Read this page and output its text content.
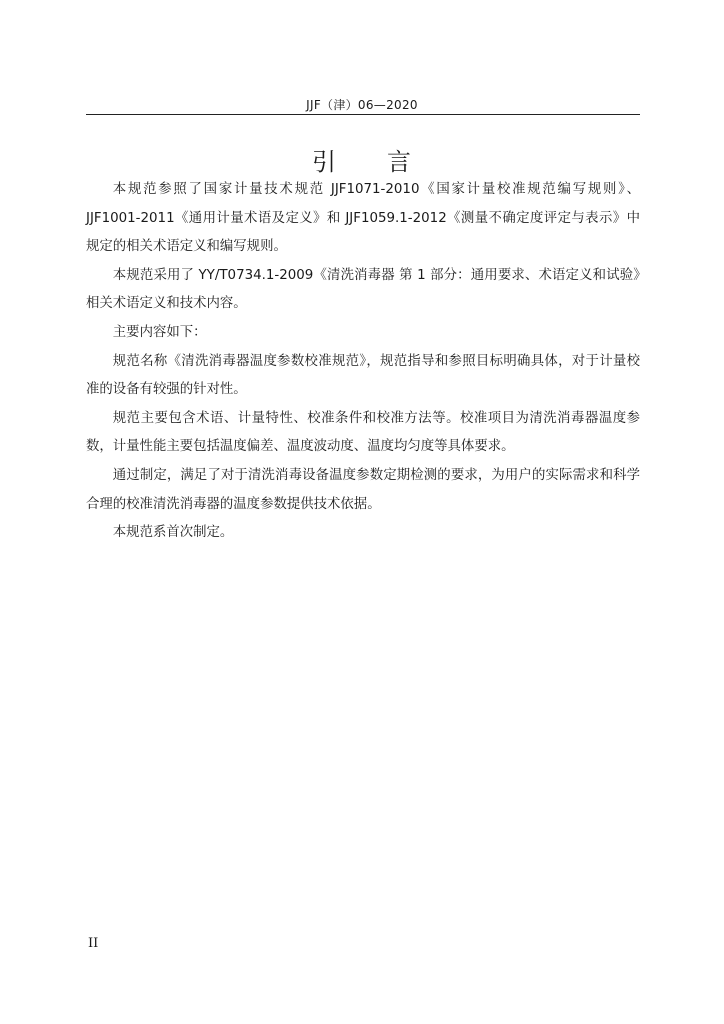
JJF（津）06—2020
引　　言

本规范参照了国家计量技术规范 JJF1071-2010《国家计量校准规范编写规则》、JJF1001-2011《通用计量术语及定义》和 JJF1059.1-2012《测量不确定度评定与表示》中规定的相关术语定义和编写规则。

本规范采用了 YY/T0734.1-2009《清洗消毒器 第 1 部分：通用要求、术语定义和试验》相关术语定义和技术内容。

主要内容如下：

规范名称《清洗消毒器温度参数校准规范》，规范指导和参照目标明确具体，对于计量校准的设备有较强的针对性。

规范主要包含术语、计量特性、校准条件和校准方法等。校准项目为清洗消毒器温度参数，计量性能主要包括温度偏差、温度波动度、温度均匀度等具体要求。

通过制定，满足了对于清洗消毒设备温度参数定期检测的要求，为用户的实际需求和科学合理的校准清洗消毒器的温度参数提供技术依据。

本规范系首次制定。

II
